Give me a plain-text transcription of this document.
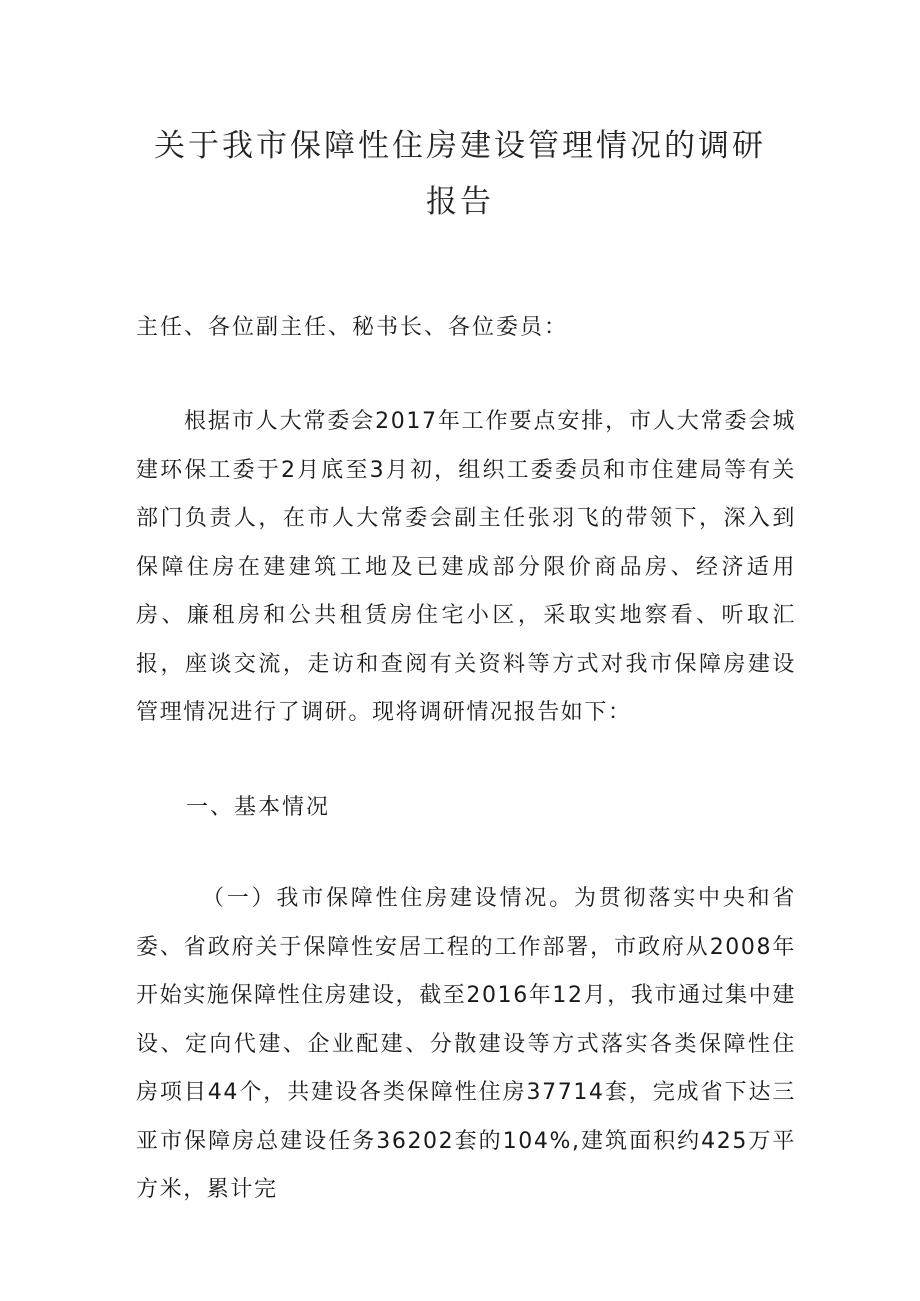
关于我市保障性住房建设管理情况的调研
报告
主任、各位副主任、秘书长、各位委员：

根据市人大常委会2017年工作要点安排，市人大常委会城建环保工委于2月底至3月初，组织工委委员和市住建局等有关部门负责人，在市人大常委会副主任张羽飞的带领下，深入到保障住房在建建筑工地及已建成部分限价商品房、经济适用房、廉租房和公共租赁房住宅小区，采取实地察看、听取汇报，座谈交流，走访和查阅有关资料等方式对我市保障房建设管理情况进行了调研。现将调研情况报告如下：

一、基本情况

（一）我市保障性住房建设情况。为贯彻落实中央和省委、省政府关于保障性安居工程的工作部署，市政府从2008年开始实施保障性住房建设，截至2016年12月，我市通过集中建设、定向代建、企业配建、分散建设等方式落实各类保障性住房项目44个，共建设各类保障性住房37714套，完成省下达三亚市保障房总建设任务36202套的104%,建筑面积约425万平方米，累计完
